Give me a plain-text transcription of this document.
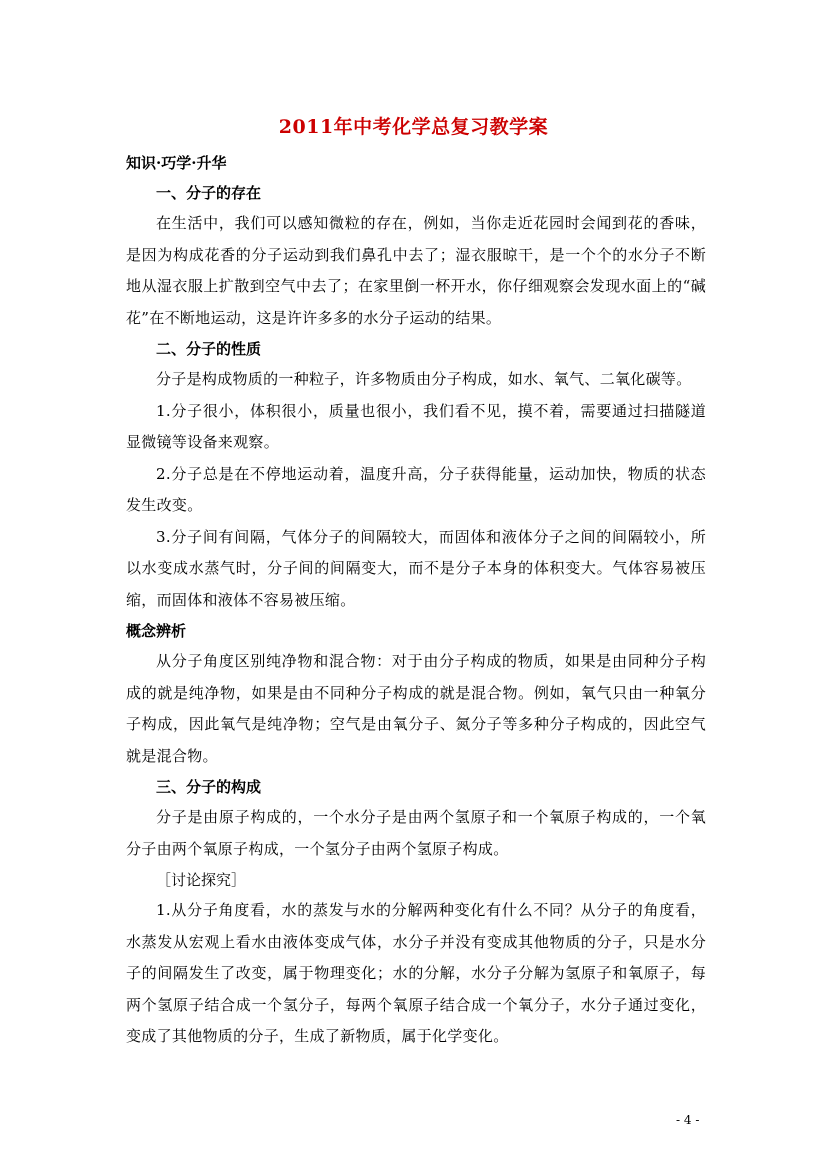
2011年中考化学总复习教学案

知识·巧学·升华

一、分子的存在

在生活中，我们可以感知微粒的存在，例如，当你走近花园时会闻到花的香味，是因为构成花香的分子运动到我们鼻孔中去了；湿衣服晾干，是一个个的水分子不断地从湿衣服上扩散到空气中去了；在家里倒一杯开水，你仔细观察会发现水面上的“碱花”在不断地运动，这是许许多多的水分子运动的结果。

二、分子的性质

分子是构成物质的一种粒子，许多物质由分子构成，如水、氧气、二氧化碳等。

1.分子很小，体积很小，质量也很小，我们看不见，摸不着，需要通过扫描隧道显微镜等设备来观察。

2.分子总是在不停地运动着，温度升高，分子获得能量，运动加快，物质的状态发生改变。

3.分子间有间隔，气体分子的间隔较大，而固体和液体分子之间的间隔较小，所以水变成水蒸气时，分子间的间隔变大，而不是分子本身的体积变大。气体容易被压缩，而固体和液体不容易被压缩。

概念辨析

从分子角度区别纯净物和混合物：对于由分子构成的物质，如果是由同种分子构成的就是纯净物，如果是由不同种分子构成的就是混合物。例如，氧气只由一种氧分子构成，因此氧气是纯净物；空气是由氧分子、氮分子等多种分子构成的，因此空气就是混合物。

三、分子的构成

分子是由原子构成的，一个水分子是由两个氢原子和一个氧原子构成的，一个氧分子由两个氧原子构成，一个氢分子由两个氢原子构成。

［讨论探究］

1.从分子角度看，水的蒸发与水的分解两种变化有什么不同？从分子的角度看，水蒸发从宏观上看水由液体变成气体，水分子并没有变成其他物质的分子，只是水分子的间隔发生了改变，属于物理变化；水的分解，水分子分解为氢原子和氧原子，每两个氢原子结合成一个氢分子，每两个氧原子结合成一个氧分子，水分子通过变化，变成了其他物质的分子，生成了新物质，属于化学变化。

- 4 -
